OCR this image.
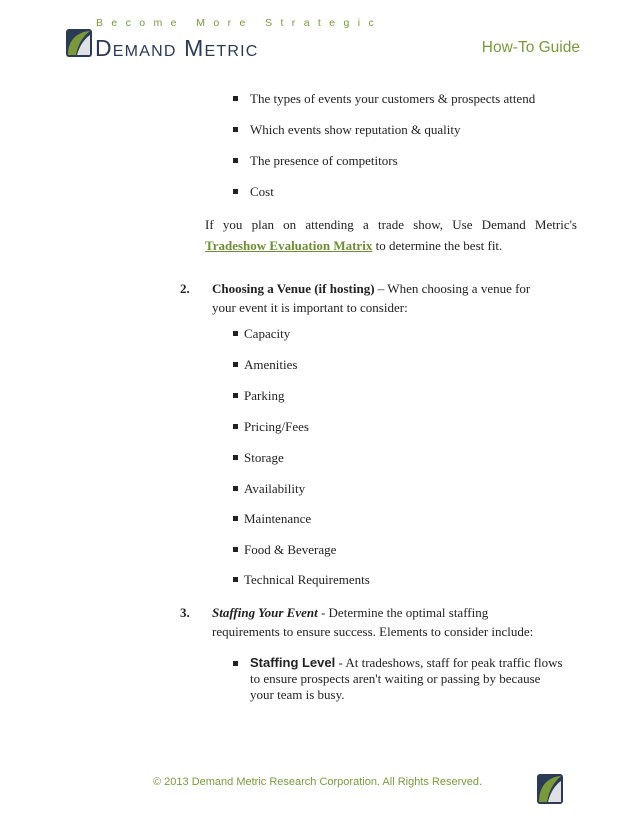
Become More Strategic
Demand Metric	How-To Guide
The types of events your customers & prospects attend
Which events show reputation & quality
The presence of competitors
Cost
If you plan on attending a trade show, Use Demand Metric's Tradeshow Evaluation Matrix to determine the best fit.
2. Choosing a Venue (if hosting) – When choosing a venue for
your event it is important to consider:
Capacity
Amenities
Parking
Pricing/Fees
Storage
Availability
Maintenance
Food & Beverage
Technical Requirements
3. Staffing Your Event - Determine the optimal staffing
requirements to ensure success. Elements to consider include:
Staffing Level - At tradeshows, staff for peak traffic flows
to ensure prospects aren't waiting or passing by because
your team is busy.
© 2013 Demand Metric Research Corporation. All Rights Reserved.
